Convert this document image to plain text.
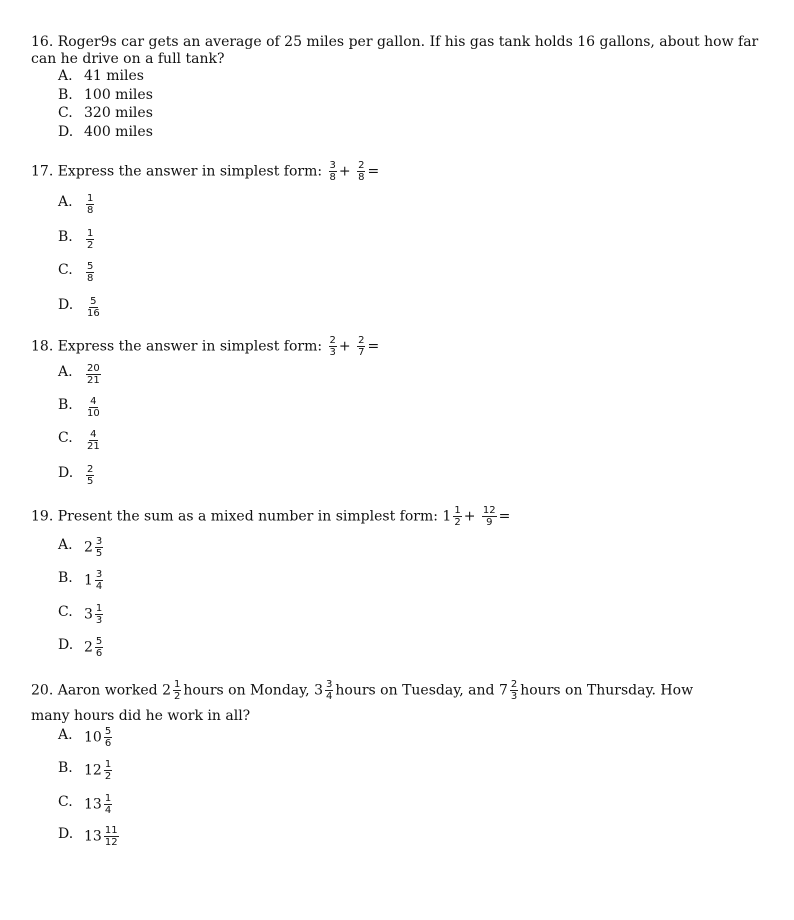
16. Roger9s car gets an average of 25 miles per gallon. If his gas tank holds 16 gallons, about how far
can he drive on a full tank?
A. 41 miles
B. 100 miles
C. 320 miles
D. 400 miles
17. Express the answer in simplest form: $\frac{3}{8} + \frac{2}{8}$ =
A. $\frac{1}{8}$
B. $\frac{1}{2}$
C. $\frac{5}{8}$
D. $\frac{5}{16}$
18. Express the answer in simplest form: $\frac{2}{3} + \frac{2}{7}$ =
A. $\frac{20}{21}$
B. $\frac{4}{10}$
C. $\frac{4}{21}$
D. $\frac{2}{5}$
19. Present the sum as a mixed number in simplest form: $1 \frac{1}{2} + \frac{12}{9}$ =
A. $2 \frac{3}{5}$
B. $1 \frac{3}{4}$
C. $3 \frac{1}{3}$
D. $2 \frac{5}{6}$
20. Aaron worked $2 \frac{1}{2}$ hours on Monday, $3 \frac{3}{4}$ hours on Tuesday, and $7 \frac{2}{3}$ hours on Thursday. How
many hours did he work in all?
A. $10 \frac{5}{6}$
B. $12 \frac{1}{2}$
C. $13 \frac{1}{4}$
D. $13 \frac{11}{12}$
